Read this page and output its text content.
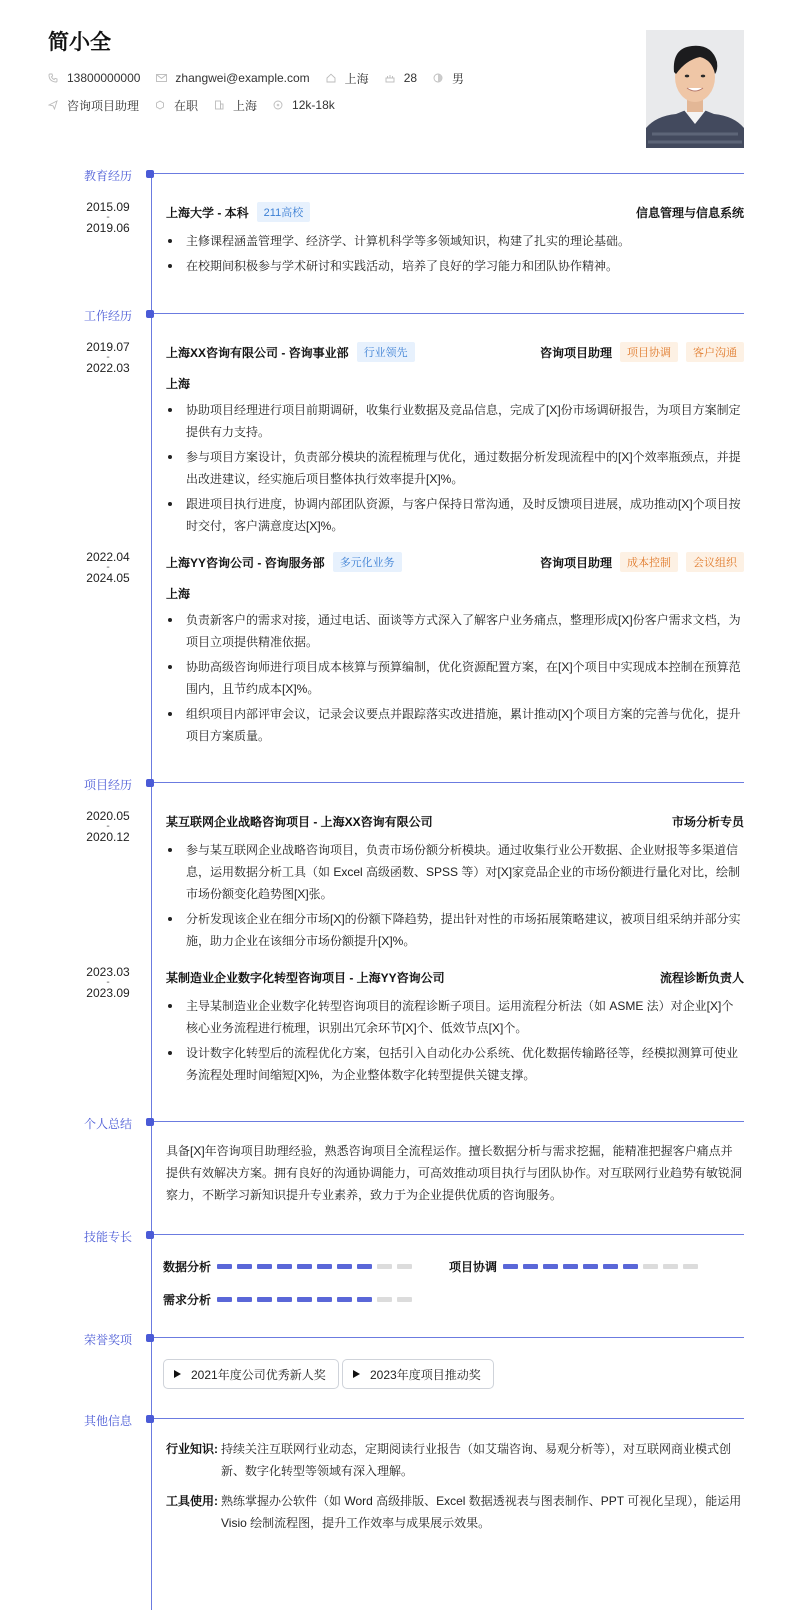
简小全
13800000000	zhangwei@example.com	上海	28	男
咨询项目助理	在职	上海	12k-18k
教育经历
2015.09
-
2019.06
上海大学 - 本科	211高校	信息管理与信息系统
主修课程涵盖管理学、经济学、计算机科学等多领域知识，构建了扎实的理论基础。
在校期间积极参与学术研讨和实践活动，培养了良好的学习能力和团队协作精神。
工作经历
2019.07
-
2022.03
上海XX咨询有限公司 - 咨询事业部	行业领先	咨询项目助理	项目协调	客户沟通
上海
协助项目经理进行项目前期调研，收集行业数据及竞品信息，完成了[X]份市场调研报告，为项目方案制定提供有力支持。
参与项目方案设计，负责部分模块的流程梳理与优化，通过数据分析发现流程中的[X]个效率瓶颈点，并提出改进建议，经实施后项目整体执行效率提升[X]%。
跟进项目执行进度，协调内部团队资源，与客户保持日常沟通，及时反馈项目进展，成功推动[X]个项目按时交付，客户满意度达[X]%。
2022.04
-
2024.05
上海YY咨询公司 - 咨询服务部	多元化业务	咨询项目助理	成本控制	会议组织
上海
负责新客户的需求对接，通过电话、面谈等方式深入了解客户业务痛点，整理形成[X]份客户需求文档，为项目立项提供精准依据。
协助高级咨询师进行项目成本核算与预算编制，优化资源配置方案，在[X]个项目中实现成本控制在预算范围内，且节约成本[X]%。
组织项目内部评审会议，记录会议要点并跟踪落实改进措施，累计推动[X]个项目方案的完善与优化，提升项目方案质量。
项目经历
2020.05
-
2020.12
某互联网企业战略咨询项目 - 上海XX咨询有限公司	市场分析专员
参与某互联网企业战略咨询项目，负责市场份额分析模块。通过收集行业公开数据、企业财报等多渠道信息，运用数据分析工具（如 Excel 高级函数、SPSS 等）对[X]家竞品企业的市场份额进行量化对比，绘制市场份额变化趋势图[X]张。
分析发现该企业在细分市场[X]的份额下降趋势，提出针对性的市场拓展策略建议，被项目组采纳并部分实施，助力企业在该细分市场份额提升[X]%。
2023.03
-
2023.09
某制造业企业数字化转型咨询项目 - 上海YY咨询公司	流程诊断负责人
主导某制造业企业数字化转型咨询项目的流程诊断子项目。运用流程分析法（如 ASME 法）对企业[X]个核心业务流程进行梳理，识别出冗余环节[X]个、低效节点[X]个。
设计数字化转型后的流程优化方案，包括引入自动化办公系统、优化数据传输路径等，经模拟测算可使业务流程处理时间缩短[X]%，为企业整体数字化转型提供关键支撑。
个人总结
具备[X]年咨询项目助理经验，熟悉咨询项目全流程运作。擅长数据分析与需求挖掘，能精准把握客户痛点并提供有效解决方案。拥有良好的沟通协调能力，可高效推动项目执行与团队协作。对互联网行业趋势有敏锐洞察力，不断学习新知识提升专业素养，致力于为企业提供优质的咨询服务。
技能专长
数据分析	项目协调
需求分析
荣誉奖项
2021年度公司优秀新人奖	2023年度项目推动奖
其他信息
行业知识: 持续关注互联网行业动态，定期阅读行业报告（如艾瑞咨询、易观分析等），对互联网商业模式创新、数字化转型等领域有深入理解。
工具使用: 熟练掌握办公软件（如 Word 高级排版、Excel 数据透视表与图表制作、PPT 可视化呈现），能运用 Visio 绘制流程图，提升工作效率与成果展示效果。
